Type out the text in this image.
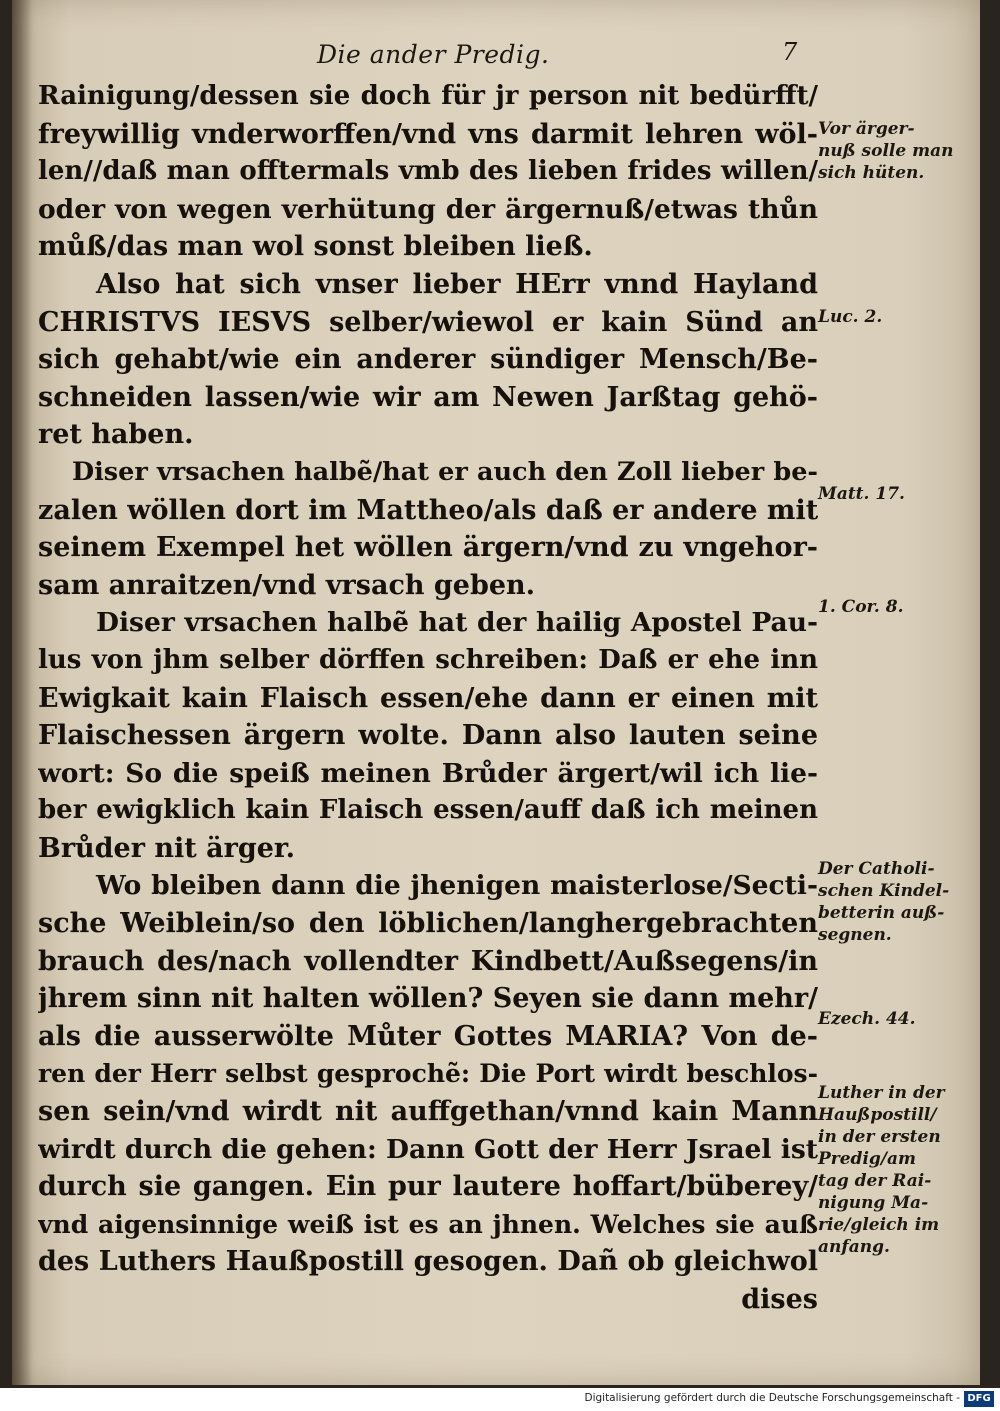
Die ander Predig.	7
Rainigung/dessen sie doch für jr person nit bedürfft/
freywillig vnderworffen/vnd vns darmit lehren wöl-
len//daß man offtermals vmb des lieben frides willen/
oder von wegen verhütung der ärgernuß/etwas thůn
můß/das man wol sonst bleiben ließ.
Also hat sich vnser lieber HErr vnnd Hayland
CHRISTVS IESVS selber/wiewol er kain Sünd an
sich gehabt/wie ein anderer sündiger Mensch/Be-
schneiden lassen/wie wir am Newen Jarßtag gehö-
ret haben.
Diser vrsachen halbẽ/hat er auch den Zoll lieber be-
zalen wöllen dort im Mattheo/als daß er andere mit
seinem Exempel het wöllen ärgern/vnd zu vngehor-
sam anraitzen/vnd vrsach geben.
Diser vrsachen halbẽ hat der hailig Apostel Pau-
lus von jhm selber dörffen schreiben: Daß er ehe inn
Ewigkait kain Flaisch essen/ehe dann er einen mit
Flaischessen ärgern wolte. Dann also lauten seine
wort: So die speiß meinen Brůder ärgert/wil ich lie-
ber ewigklich kain Flaisch essen/auff daß ich meinen
Brůder nit ärger.
Wo bleiben dann die jhenigen maisterlose/Secti-
sche Weiblein/so den löblichen/langhergebrachten
brauch des/nach vollendter Kindbett/Außsegens/in
jhrem sinn nit halten wöllen? Seyen sie dann mehr/
als die ausserwölte Můter Gottes MARIA? Von de-
ren der Herr selbst gesprochẽ: Die Port wirdt beschlos-
sen sein/vnd wirdt nit auffgethan/vnnd kain Mann
wirdt durch die gehen: Dann Gott der Herr Jsrael ist
durch sie gangen. Ein pur lautere hoffart/büberey/
vnd aigensinnige weiß ist es an jhnen. Welches sie auß
des Luthers Haußpostill gesogen. Dañ ob gleichwol
dises
Vor ärger-
nuß solle man
sich hüten.
Luc. 2.
Matt. 17.
1. Cor. 8.
Der Catholi-
schen Kindel-
betterin auß-
segnen.
Ezech. 44.
Luther in der
Haußpostill/
in der ersten
Predig/am
tag der Rai-
nigung Ma-
rie/gleich im
anfang.
Digitalisierung gefördert durch die Deutsche Forschungsgemeinschaft - DFG
